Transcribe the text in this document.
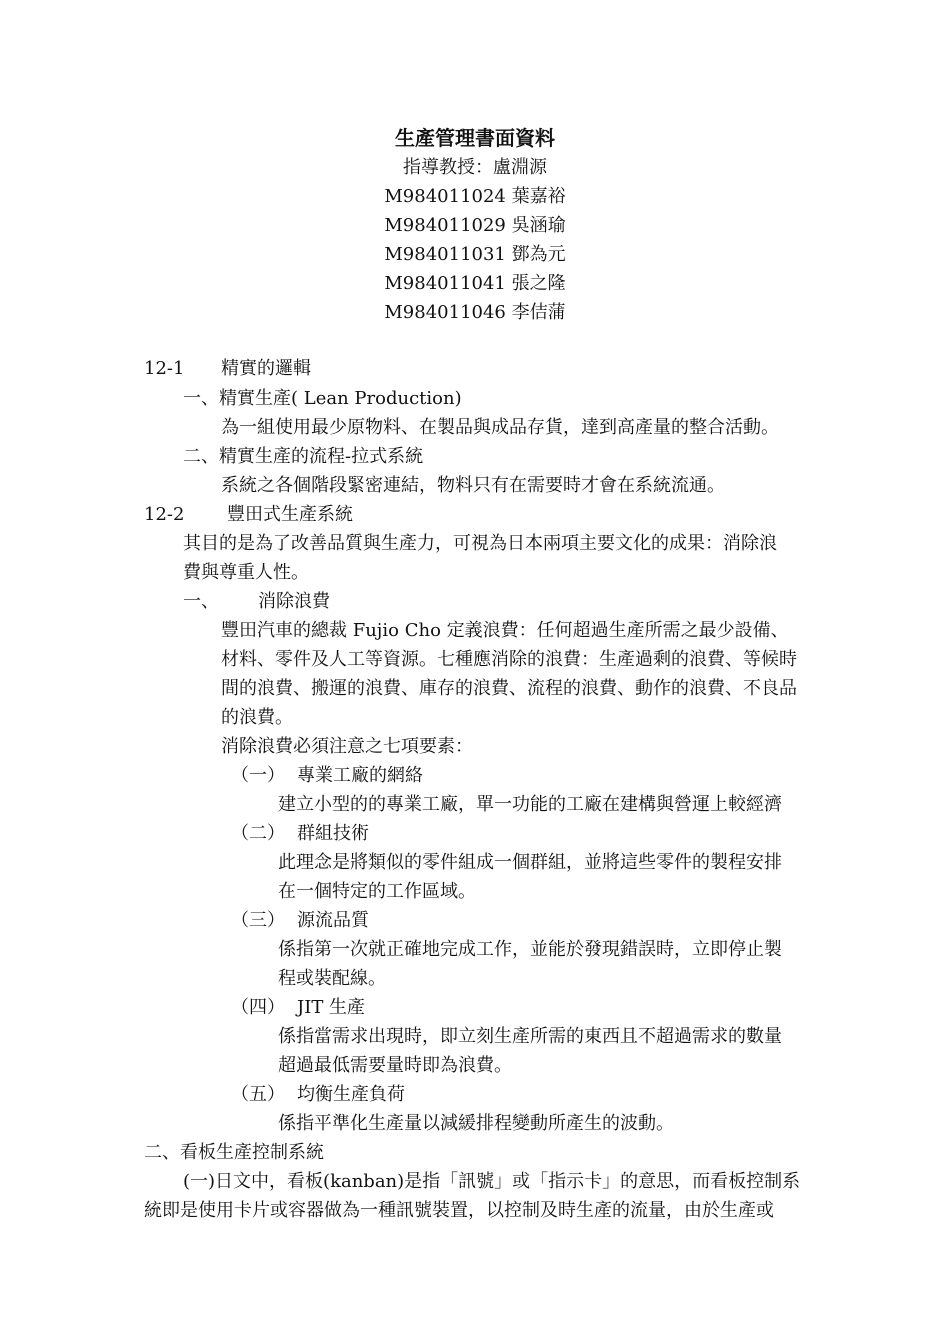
生產管理書面資料
指導教授：盧淵源
M984011024 葉嘉裕
M984011029 吳涵瑜
M984011031 鄧為元
M984011041 張之隆
M984011046 李佶蒲
12-1 精實的邏輯
一、精實生產( Lean Production)
為一組使用最少原物料、在製品與成品存貨，達到高產量的整合活動。
二、精實生產的流程-拉式系統
系統之各個階段緊密連結，物料只有在需要時才會在系統流通。
12-2 豐田式生產系統
其目的是為了改善品質與生產力，可視為日本兩項主要文化的成果：消除浪
費與尊重人性。
一、 消除浪費
豐田汽車的總裁 Fujio Cho 定義浪費：任何超過生產所需之最少設備、
材料、零件及人工等資源。七種應消除的浪費：生產過剩的浪費、等候時
間的浪費、搬運的浪費、庫存的浪費、流程的浪費、動作的浪費、不良品
的浪費。
消除浪費必須注意之七項要素：
（一） 專業工廠的網絡
建立小型的的專業工廠，單一功能的工廠在建構與營運上較經濟
（二） 群組技術
此理念是將類似的零件組成一個群組，並將這些零件的製程安排
在一個特定的工作區域。
（三） 源流品質
係指第一次就正確地完成工作，並能於發現錯誤時，立即停止製
程或裝配線。
（四） JIT 生產
係指當需求出現時，即立刻生產所需的東西且不超過需求的數量
超過最低需要量時即為浪費。
（五） 均衡生產負荷
係指平準化生產量以減緩排程變動所產生的波動。
二、看板生產控制系統
(一)日文中，看板(kanban)是指「訊號」或「指示卡」的意思，而看板控制系
統即是使用卡片或容器做為一種訊號裝置，以控制及時生產的流量，由於生產或
